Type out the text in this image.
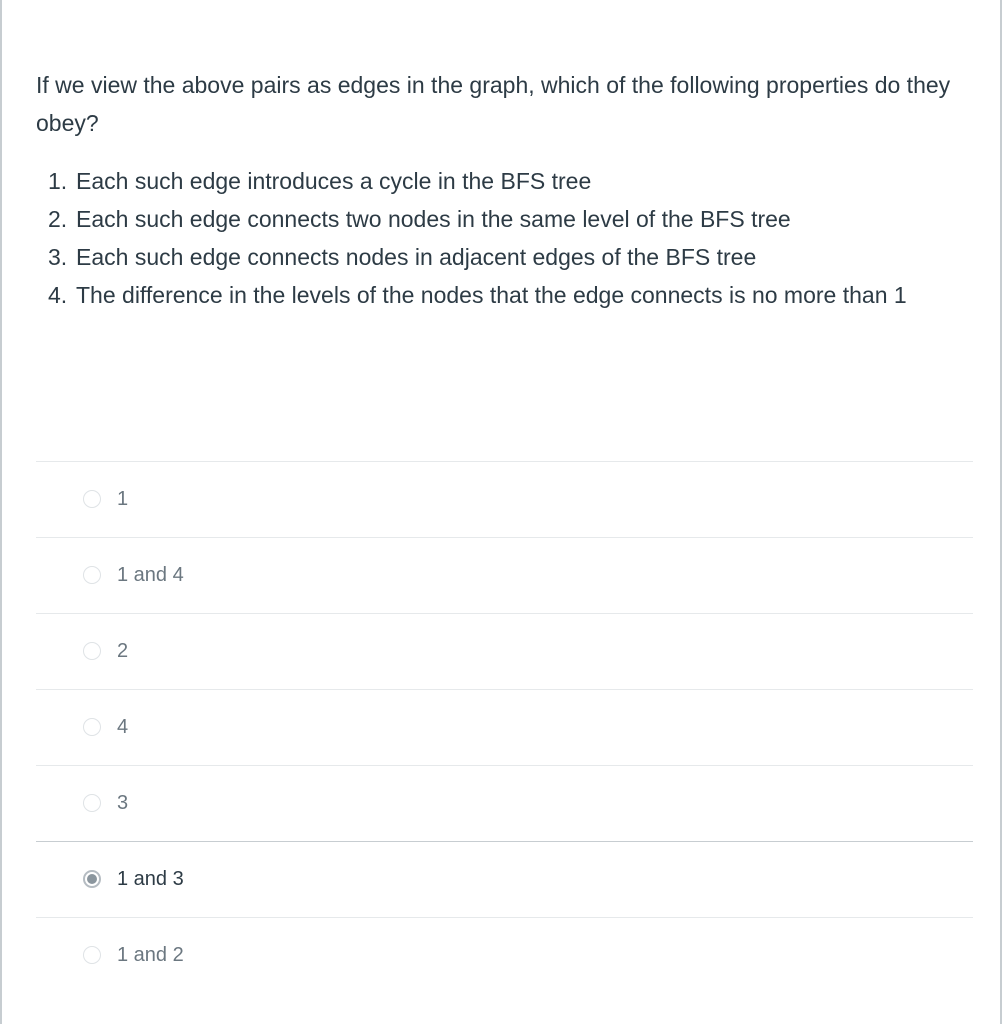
If we view the above pairs as edges in the graph, which of the following properties do they obey?

1. Each such edge introduces a cycle in the BFS tree
2. Each such edge connects two nodes in the same level of the BFS tree
3. Each such edge connects nodes in adjacent edges of the BFS tree
4. The difference in the levels of the nodes that the edge connects is no more than 1
1
1 and 4
2
4
3
1 and 3
1 and 2
